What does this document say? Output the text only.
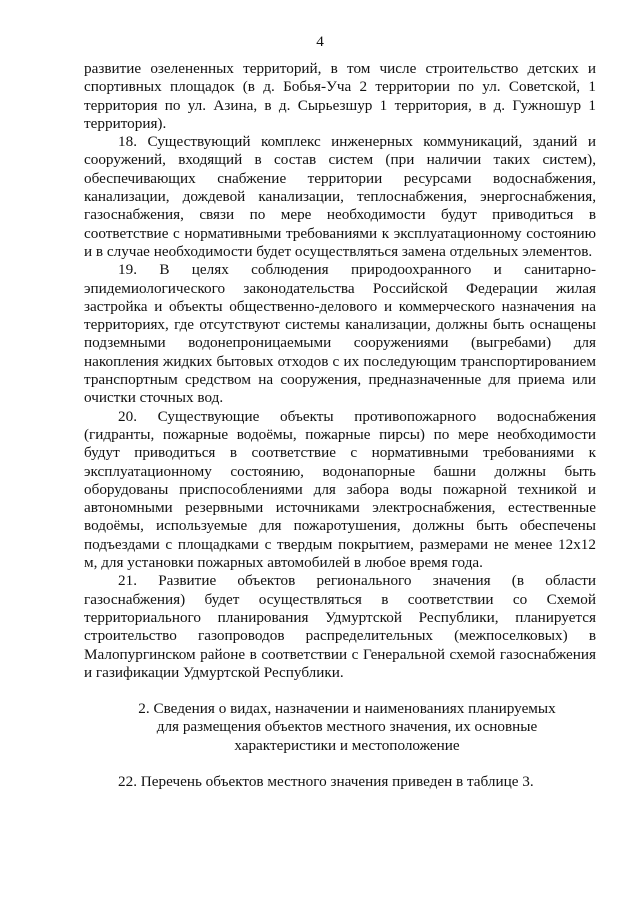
4
развитие озелененных территорий, в том числе строительство детских и спортивных площадок (в д. Бобья-Уча 2 территории по ул. Советской, 1 территория по ул. Азина, в д. Сырьезшур 1 территория, в д. Гужношур 1 территория).
18. Существующий комплекс инженерных коммуникаций, зданий и сооружений, входящий в состав систем (при наличии таких систем), обеспечивающих снабжение территории ресурсами водоснабжения, канализации, дождевой канализации, теплоснабжения, энергоснабжения, газоснабжения, связи по мере необходимости будут приводиться в соответствие с нормативными требованиями к эксплуатационному состоянию и в случае необходимости будет осуществляться замена отдельных элементов.
19. В целях соблюдения природоохранного и санитарно-эпидемиологического законодательства Российской Федерации жилая застройка и объекты общественно-делового и коммерческого назначения на территориях, где отсутствуют системы канализации, должны быть оснащены подземными водонепроницаемыми сооружениями (выгребами) для накопления жидких бытовых отходов с их последующим транспортированием транспортным средством на сооружения, предназначенные для приема или очистки сточных вод.
20. Существующие объекты противопожарного водоснабжения (гидранты, пожарные водоёмы, пожарные пирсы) по мере необходимости будут приводиться в соответствие с нормативными требованиями к эксплуатационному состоянию, водонапорные башни должны быть оборудованы приспособлениями для забора воды пожарной техникой и автономными резервными источниками электроснабжения, естественные водоёмы, используемые для пожаротушения, должны быть обеспечены подъездами с площадками с твердым покрытием, размерами не менее 12х12 м, для установки пожарных автомобилей в любое время года.
21. Развитие объектов регионального значения (в области газоснабжения) будет осуществляться в соответствии со Схемой территориального планирования Удмуртской Республики, планируется строительство газопроводов распределительных (межпоселковых) в Малопургинском районе в соответствии с Генеральной схемой газоснабжения и газификации Удмуртской Республики.
2. Сведения о видах, назначении и наименованиях планируемых
для размещения объектов местного значения, их основные
характеристики и местоположение
22. Перечень объектов местного значения приведен в таблице 3.
